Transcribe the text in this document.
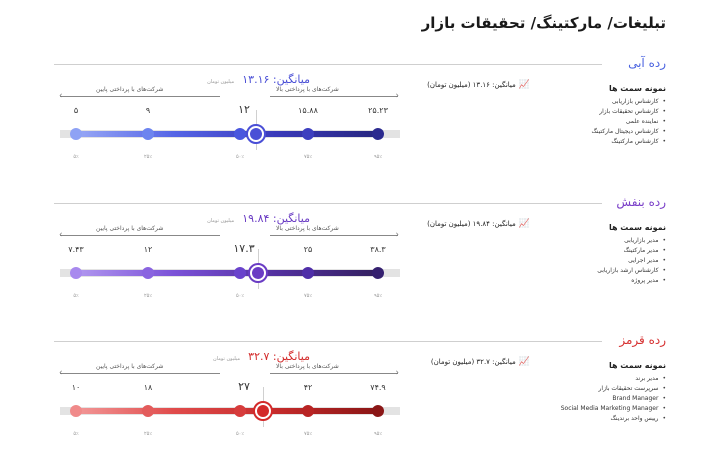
تبلیغات/ مارکتینگ/ تحقیقات بازار
رده آبی
نمونه سمت ها
• کارشناس بازاریابی
• کارشناس تحقیقات بازار
• نماینده علمی
• کارشناس دیجیتال مارکتینگ
• کارشناس مارکتینگ
📈میانگین: ۱۳.۱۶ (میلیون تومان)
میانگین: ۱۳.۱۶ میلیون تومان
‹
شرکت‌های با پرداختی پایین
›
شرکت‌های با پرداختی بالا
۵
۵٪
۹
۲۵٪
۱۲
۵۰٪
۱۵.۸۸
۷۵٪
۲۵.۲۳
۹۵٪
رده بنفش
نمونه سمت ها
• مدیر بازاریابی
• مدیر مارکتینگ
• مدیر اجرایی
• کارشناس ارشد بازاریابی
• مدیر پروژه
📈میانگین: ۱۹.۸۴ (میلیون تومان)
میانگین: ۱۹.۸۴ میلیون تومان
‹
شرکت‌های با پرداختی پایین
›
شرکت‌های با پرداختی بالا
۷.۴۳
۵٪
۱۲
۲۵٪
۱۷.۳
۵۰٪
۲۵
۷۵٪
۳۸.۳
۹۵٪
رده قرمز
نمونه سمت ها
• مدیر برند
• سرپرست تحقیقات بازار
• Brand Manager
• Social Media Marketing Manager
• رییس واحد برندینگ
📈میانگین: ۳۲.۷ (میلیون تومان)
میانگین: ۳۲.۷ میلیون تومان
‹
شرکت‌های با پرداختی پایین
›
شرکت‌های با پرداختی بالا
۱۰
۵٪
۱۸
۲۵٪
۲۷
۵۰٪
۴۲
۷۵٪
۷۴.۹
۹۵٪
